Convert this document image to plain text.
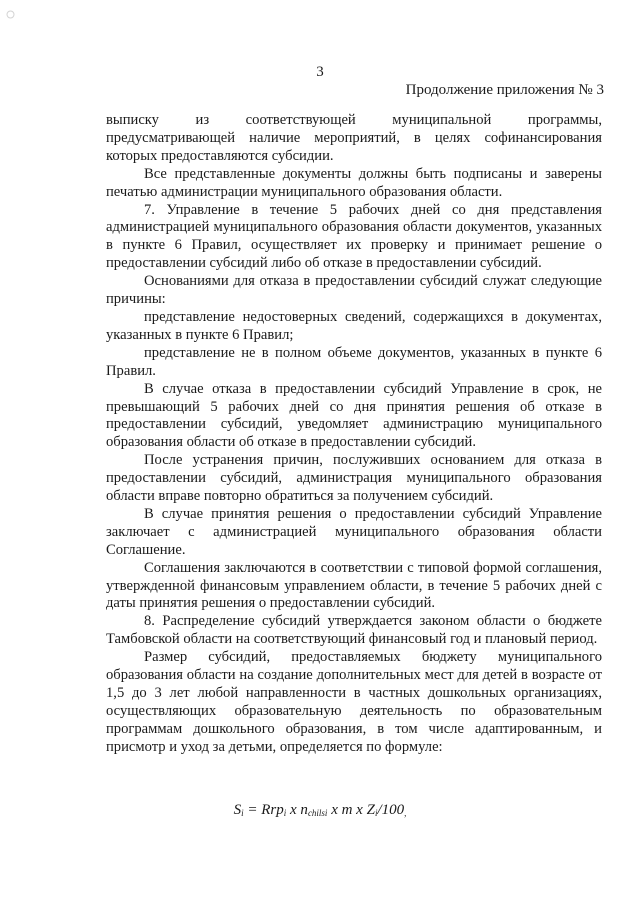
3
Продолжение приложения № 3

выписку из соответствующей муниципальной программы, предусматривающей наличие мероприятий, в целях софинансирования которых предоставляются субсидии.

Все представленные документы должны быть подписаны и заверены печатью администрации муниципального образования области.

7. Управление в течение 5 рабочих дней со дня представления администрацией муниципального образования области документов, указанных в пункте 6 Правил, осуществляет их проверку и принимает решение о предоставлении субсидий либо об отказе в предоставлении субсидий.

Основаниями для отказа в предоставлении субсидий служат следующие причины:

представление недостоверных сведений, содержащихся в документах, указанных в пункте 6 Правил;

представление не в полном объеме документов, указанных в пункте 6 Правил.

В случае отказа в предоставлении субсидий Управление в срок, не превышающий 5 рабочих дней со дня принятия решения об отказе в предоставлении субсидий, уведомляет администрацию муниципального образования области об отказе в предоставлении субсидий.

После устранения причин, послуживших основанием для отказа в предоставлении субсидий, администрация муниципального образования области вправе повторно обратиться за получением субсидий.

В случае принятия решения о предоставлении субсидий Управление заключает с администрацией муниципального образования области Соглашение.

Соглашения заключаются в соответствии с типовой формой соглашения, утвержденной финансовым управлением области, в течение 5 рабочих дней с даты принятия решения о предоставлении субсидий.

8. Распределение субсидий утверждается законом области о бюджете Тамбовской области на соответствующий финансовый год и плановый период.

Размер субсидий, предоставляемых бюджету муниципального образования области на создание дополнительных мест для детей в возрасте от 1,5 до 3 лет любой направленности в частных дошкольных организациях, осуществляющих образовательную деятельность по образовательным программам дошкольного образования, в том числе адаптированным, и присмотр и уход за детьми, определяется по формуле:

$S_i = Rrp_i$ x $n_{chilsi}$ x m x $Z_i/100_,$
